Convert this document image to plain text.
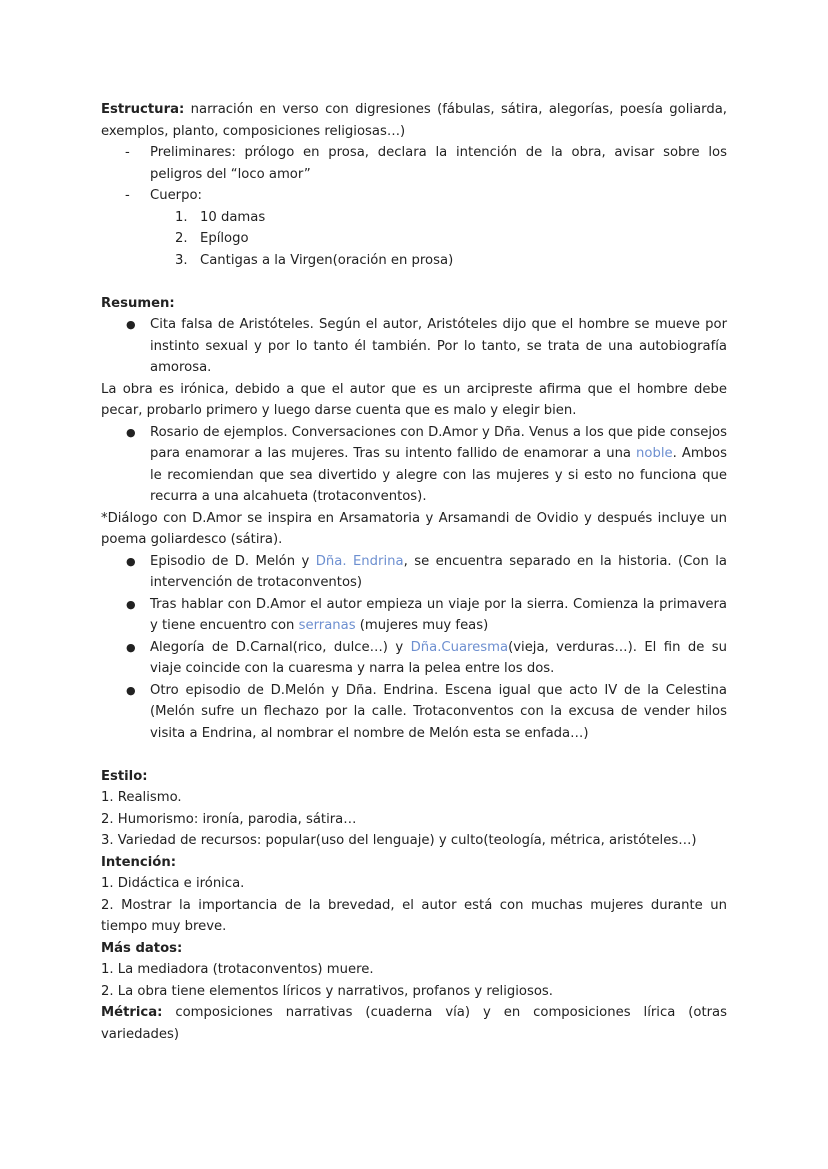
Estructura: narración en verso con digresiones (fábulas, sátira, alegorías, poesía goliarda, exemplos, planto, composiciones religiosas…)

- Preliminares: prólogo en prosa, declara la intención de la obra, avisar sobre los peligros del “loco amor”

- Cuerpo:

1. 10 damas

2. Epílogo

3. Cantigas a la Virgen(oración en prosa)

Resumen:

● Cita falsa de Aristóteles. Según el autor, Aristóteles dijo que el hombre se mueve por instinto sexual y por lo tanto él también. Por lo tanto, se trata de una autobiografía amorosa.

La obra es irónica, debido a que el autor que es un arcipreste afirma que el hombre debe pecar, probarlo primero y luego darse cuenta que es malo y elegir bien.

● Rosario de ejemplos. Conversaciones con D.Amor y Dña. Venus a los que pide consejos para enamorar a las mujeres. Tras su intento fallido de enamorar a una noble. Ambos le recomiendan que sea divertido y alegre con las mujeres y si esto no funciona que recurra a una alcahueta (trotaconventos).

*Diálogo con D.Amor se inspira en Arsamatoria y Arsamandi de Ovidio y después incluye un poema goliardesco (sátira).

● Episodio de D. Melón y Dña. Endrina, se encuentra separado en la historia. (Con la intervención de trotaconventos)

● Tras hablar con D.Amor el autor empieza un viaje por la sierra. Comienza la primavera y tiene encuentro con serranas (mujeres muy feas)

● Alegoría de D.Carnal(rico, dulce…) y Dña.Cuaresma(vieja, verduras…). El fin de su viaje coincide con la cuaresma y narra la pelea entre los dos.

● Otro episodio de D.Melón y Dña. Endrina. Escena igual que acto IV de la Celestina (Melón sufre un flechazo por la calle. Trotaconventos con la excusa de vender hilos visita a Endrina, al nombrar el nombre de Melón esta se enfada…)

Estilo:

1. Realismo.

2. Humorismo: ironía, parodia, sátira…

3. Variedad de recursos: popular(uso del lenguaje) y culto(teología, métrica, aristóteles…)

Intención:

1. Didáctica e irónica.

2. Mostrar la importancia de la brevedad, el autor está con muchas mujeres durante un tiempo muy breve.

Más datos:

1. La mediadora (trotaconventos) muere.

2. La obra tiene elementos líricos y narrativos, profanos y religiosos.

Métrica: composiciones narrativas (cuaderna vía) y en composiciones lírica (otras variedades)
